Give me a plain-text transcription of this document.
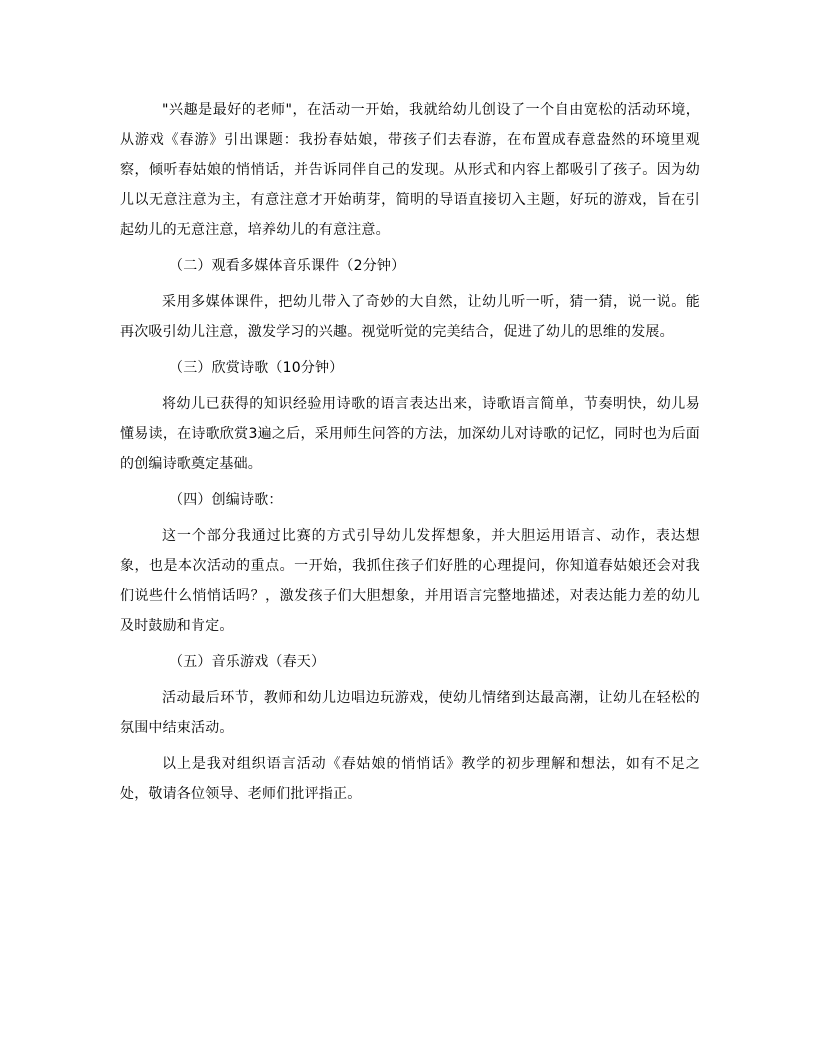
"兴趣是最好的老师"，在活动一开始，我就给幼儿创设了一个自由宽松的活动环境，从游戏《春游》引出课题：我扮春姑娘，带孩子们去春游，在布置成春意盎然的环境里观察，倾听春姑娘的悄悄话，并告诉同伴自己的发现。从形式和内容上都吸引了孩子。因为幼儿以无意注意为主，有意注意才开始萌芽，简明的导语直接切入主题，好玩的游戏，旨在引起幼儿的无意注意，培养幼儿的有意注意。

（二）观看多媒体音乐课件（2分钟）

采用多媒体课件，把幼儿带入了奇妙的大自然，让幼儿听一听，猜一猜，说一说。能再次吸引幼儿注意，激发学习的兴趣。视觉听觉的完美结合，促进了幼儿的思维的发展。

（三）欣赏诗歌（10分钟）

将幼儿已获得的知识经验用诗歌的语言表达出来，诗歌语言简单，节奏明快，幼儿易懂易读，在诗歌欣赏3遍之后，采用师生问答的方法，加深幼儿对诗歌的记忆，同时也为后面的创编诗歌奠定基础。

（四）创编诗歌：

这一个部分我通过比赛的方式引导幼儿发挥想象，并大胆运用语言、动作，表达想象，也是本次活动的重点。一开始，我抓住孩子们好胜的心理提问，你知道春姑娘还会对我们说些什么悄悄话吗？，激发孩子们大胆想象，并用语言完整地描述，对表达能力差的幼儿及时鼓励和肯定。

（五）音乐游戏（春天）

活动最后环节，教师和幼儿边唱边玩游戏，使幼儿情绪到达最高潮，让幼儿在轻松的氛围中结束活动。

以上是我对组织语言活动《春姑娘的悄悄话》教学的初步理解和想法，如有不足之处，敬请各位领导、老师们批评指正。
